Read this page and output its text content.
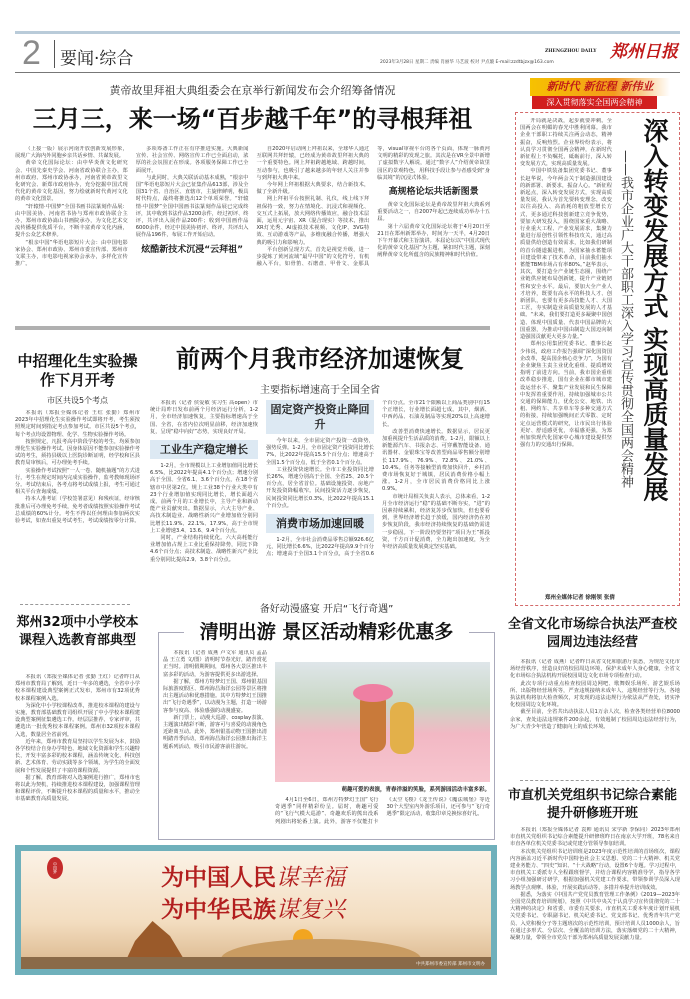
2 要闻·综合	2023年3月28日 星期二 责编 肖丽华 马艺波 校对 尹点璇 E-mail:zzdtbjzx@163.com
ZHENGZHOU DAILY 郑州日报
黄帝故里拜祖大典组委会在京举行新闻发布会介绍筹备情况
三月三，来一场“百步越千年”的寻根拜祖

（上接一版）展示河南开放创新发展形象，展现广大海内外同胞乡亲共话乡情、共谋发展。

黄帝文化国际论坛：由中华炎黄文化研究会、中国先秦史学会、河南省政协联合主办，郑州市政府、郑州市政协承办，河南省黄帝故里文化研究会、新郑市政府协办，充分挖掘中国式现代化的黄帝文化基因，努力绘就新时代黄河文化的黄帝文化图景。

“轩辕情·中国梦”全国书画书法篆刻作品展：由中国美协、河南省书协与郑州市政协联合主办，郑州市政协嵩山书画院承办，为文化艺术交流传播提供优质平台，不断丰富黄帝文化内涵，提升公众艺术修养。

“根亲中国”华语电影短片大会：由中国电影家协会、郑州市政协、郑州市委宣传部、郑州市文联主办，市电影电视家协会承办，多样化宣传推广。

多项筹备工作正在有序推进实施。大典新闻宣传、社会宣传、网络宣传工作已全面启动，浓厚的社会氛围正在形成。各项服务保障工作已全面展开。

与此同时，大典关联活动基本成熟，“根亲中国”华语电影短片大会已征集作品613部，涉及全国31个省、自治区、直辖市，主旋律鲜明，极具时代特点，最终将推选出12个单项荣誉。“轩辕情·中国梦”全国中国画书法篆刻作品展已完成终评，其中收到书法作品3200余件，经过初评、终评，共评出入展作品200件；收到中国画作品6000余件，经过中国美协初评、终评，共评出入展作品196件，布展工作开始启动。

炫酷新技术沉浸“云拜祖”

自2020年启动网上拜祖以来，全球华人通过互联网共拜轩辕，已经成为黄帝故里拜祖大典的一个重要特色。网上拜祖跨越地域、跨越时间，互动参与，也吸引了越来越多的年轻人关注并参与到拜祖大典中来。

今年网上拜祖根据大典要求，结合新技术，做了全新升级。

网上拜祖平台按照礼制、礼仪，线上线下拜祖保持一致，努力在情境化、沉浸式和视频化、交互式上拓展，放大网络传播效应，融合技术层面，运用元宇宙、XR（混合现实）等技术，推出XR灯光秀、AI虚拟技术视频、文化IP、3VG特效、互动游戏等产品，多维度融合传播，增强大典的吸引力和影响力。

平台创新呈现方式，首先是视觉升级，进一步提炼了黄河流域“最早中国”的文化符号，有机融入平台，如骨笛、石磨盘、甲骨文、金那具等，visual审视平台的各个页面，体现一脉黄河文明的精彩的发现之旅。其次是在VR全景中新增了虚拟数字人解说，通过“数字人”介绍黄帝故里园区的景观特色，用科技手段让参与者感受到“身临其境”的沉浸式体验。

高规格论坛共话新图景

黄帝文化国际论坛是黄帝故里拜祖大典系列重要活动之一，自2007年起已连续成功举办十五届。

第十六届黄帝文化国际论坛将于4月20日至21日在郑州新郑举办，时间为一天半，4月20日下午开幕式和主旨演讲。本届论坛以“中国式现代化的黄帝文化基因”为主题，紧扣时代主题，深刻阐释黄帝文化所蕴含的民族精神和时代价值。

新时代 新征程 新伟业
深入贯彻落实全国两会精神
深入转变发展方式 实现高质量发展
——我市企业广大干部职工深入学习宣传贯彻全国两会精神

开局就是决战，起步就要冲刺。全国两会在明媚的春光中胜利闭幕。我市企业干部职工持续关注两会动态，精神振奋，反响热烈。企业界纷纷表示，将认真学习贯彻全国两会精神，在新时代新征程上不负嘱托，砥砺前行，深入转变发展方式，实现高质量发展。

中国中铁装备集团党委书记、董事长赵华说，今年两会关于制造强国建设的新部署、新要求，振奋人心。“新征程新起点，深入转变发展方式，实现高质量发展，我认为首先要转变理念，改变以往高投入、高消耗的粗放型增长方式，更多通过科技创新建立竞争优势，要加大研发投入，围绕国家重大战略、行业重大工程、产业发展需求，集聚力量进行原创性引领性科技攻关，通过高质量供给创造有效需求，比如我们研制的首台隧道掘进机，为国家抽水蓄能项目建设带来了技术革命，目前我们抽水蓄能TBM市场占有率80%。”赵华表示，其次，要打造全产业链生态圈，围绕产业链供应链布局创新链，提升产业链韧性和安全水平。最后，要加大全产业人才培养，既要有高水平的科技人才、创新团队，也要有更多高技能人才、大国工匠，夯实制造业高质量发展的人才基础。“未来，我们要打造更多凝聚中国创造、体现中国质量、代表中国品牌的大国重器，为推动中国由制造大国迈向制造强国贡献更大更多力量。”

郑州公用集团党委书记、董事长赵少伟说，政府工作报告强调“深化国资国企改革，提高国企核心竞争力”，为国有企业聚焦主责主业优化重组、提质增效指明了前进方向。当前，我市国企重组改革稳步推进，国有企业在都市城市建设运营水平、聚集产业发展和民生保障中发挥着重要作用，持续加强城市公共交通的保障能力，优化公交、地铁、出租、网约车、共享单车等多种交通方式的衔接，持续加强晚间正式零散、定时定点运营模式的研究，让市民出行体验更好、舒适感更优，幸福感更强，为郑州加快现代化国家中心城市建设提供坚强有力的交通出行保障。

郑州全媒体记者 徐刚领 张倩
中招理化生实验操作下月开考
市区共设5个考点

本报讯（郑报全媒体记者 王红 张勤）郑州市2023年中招理化生实验操作考试即将开考，考生须按照规定时间到指定考点参加考试。市区共设5个考点，每个考点均设置物理、化学、生物实验操作考场。

按照规定，凡报考高中阶段学校的考生，均须参加理化生实验操作考试。因身体原因不能参加实验操作考试的考生，须持县级以上医院诊断证明，经学校和区县教育局审核后，可办理免考手续。

实验操作考试按照“一人一卷、随机抽题”的方式进行，考生在规定时间内完成实验操作，监考教师现场评分。考试结束后，各考点将考试成绩上报，考生可通过相关平台查询成绩。

持本人准考证（学校签署意见）和残疾证，经审核批准后可办理免考手续，免考者成绩按照实验操作考试总成绩的60%计分。考生不得以任何理由参加两次实验考试，如查出重复考试考生，考试成绩按零分计算。

郑州32项中小学校本课程入选教育部典型

本报讯（郑报全媒体记者 张勤 王红）记者昨日从郑州市教育局了解到，近日一年多的遴选，全省中小学校本课程建设典型案例正式发布，郑州市有32项优秀校本课程案例入选。

为深化中小学校课程改革，推进校本课程的建设与实施，教育部基础教育司组织开展了中小学校本课程建设典型案例征集遴选工作。经层层推荐、专家评审，共遴选出一批优秀校本课程案例。郑州市32项校本课程入选，数量居全省前列。

近年来，郑州市教育局坚持以学生发展为本，鼓励各学校结合自身办学特色、地域文化资源和学生兴趣特长，开发丰富多彩的校本课程，涵盖传统文化、科技创新、艺术体育、劳动实践等多个领域，为学生的全面发展和个性发展提供了丰富的课程资源。

据了解，教育部将对入选案例进行推广，郑州市也将以此为契机，持续推进校本课程建设，加强课程管理和课程评价，不断提升校本课程的质量和水平，推动全市基础教育高质量发展。

前两个月我市经济加速恢复
主要指标增速高于全国全省

本报讯（记者 侯爱敏 实习生 高open）市统计局昨日发布前两个月经济运行分析，1-2月，全市经济加速恢复，主要指标增速高于全国、全省，在省内位次明显前移，经济加速恢复，呈现“稳中向好”态势，实现良好开局。

工业生产稳定增长

1-2月，全市规模以上工业增加值同比增长6.5%，比2022年提高4.1个百分点；增速分别高于全国、全省6.1、3.6个百分点，在18个省辖市中居第2位。规上工业38个行业大类中有23个行业增加值实现同比增长，增长面超六成。前两个月的工业增长中，主导产业和新动能产业贡献突出。数据显示，六大主导产业、高技术制造业、战略性新兴产业增加值分别同比增长11.9%、22.1%、17.9%，高于全市规上工业增速3.4、13.6、9.4个百分点。

同时，产业结构持续优化。六大高耗能行业增加值占规上工业比重保持降势，同比下降4.6个百分点；高技术制造、战略性新兴产业比重分别同比提高2.9、3.8个百分点。

固定资产投资止降回升

今年以来，全市固定资产投资一改降势，强势反弹。1-2月，全市固定资产投资同比增长7%，比2022年提高15.5个百分点；增速高于全国1.5个百分点，低于全省0.1个百分点。

工业投资快速增长。全市工业投资同比增长26%，增速分别高于全国、全省25、20.5个百分点，居全省首位。基础设施投资、房地产开发投资降幅收窄。民间投资活力逐步恢复，民间投资同比增长0.3%，比2022年提高15.1个百分点。

消费市场加速回暖

1-2月，全市社会消费品零售总额926.6亿元，同比增长6.6%，比2022年提高9.9个百分点；增速高于全国3.1个百分点，高于全省0.6个百分点。全市21个限额以上商品类别中有15个正增长，行业增长面超七成。其中，烟酒、中西药品、石油及制品等实现20%以上高速增长。

改善型消费快速增长。数据显示，居民更加重视提升生活品质的消费。1-2月，限额以上新能源汽车、书报杂志、可穿戴智能设备、通讯器材、金银珠宝等改善型商品零售额分别增长117.9%、76.9%、72.8%、21.0%、10.4%。任务等接触型消费加快回升，乡村消费市场恢复好于城镇，居民消费价格小幅上涨。1-2月，全市居民消费价格同比上涨0.9%。

市统计局相关负责人表示，总体来看，1-2月全市经济运行“稳”的基础不断夯实，“进”的因素持续累积，经济复苏步伐加快，但也要看到，世界经济增长趋于放缓，国内经济仍在初步恢复阶段，我市经济持续恢复的基础仍需进一步稳固。下一阶段仍要坚持“项目为王”抓投资，千方百计促消费，全力跑出加速度，为全年经济高质量发展奠定坚实基础。

备好动漫盛宴 开启“飞行奇遇”
清明出游 景区活动精彩优惠多

本报讯（记者 成燕 卢文军 通讯员 孟晶晶 王立勇 文/图）清明时节春光好，踏青赏花正当时。清明假期期间，郑州各大景区推出丰富多彩的活动，为游客提供更多出游选择。

据了解，郑州方特梦幻王国、郑州银基国际旅游度假区、郑州海昌海洋公园等景区将推出主题活动和优惠措施。其中方特梦幻王国推出“飞行奇遇季”，以动漫为主题，打造一场游客参与度高、体验感强的动漫盛宴。

新门票上，动漫大巡游、cosplay表演、主题演出精彩不断，游客可与喜爱的动漫角色近距离互动。此外，郑州银基动物王国推出清明踏青季活动，郑州海昌海洋公园推出海洋主题系列活动，吸引市民游客前往游玩。

萌趣可爱的表演，青春洋溢的笑脸，系列游园活动丰富多彩。

4月1日至6日，郑州方特梦幻王国“飞行奇遇季”同样精彩纷呈。届时，萌趣可爱的“飞行气模大巡游”、奇趣欢乐的熊出没系列剧出将轮番上演。此外，游客不仅能打卡《太空飞梭》《龙王传说》《魔法城堡》等近30个大型室内外游乐项目，还可参与“飞行奇遇季”限定活动，收集印章兑换惊喜好礼。

中国梦	为中国人民谋幸福
为中华民族谋复兴
中共郑州市委宣传部 郑州市文明办
全省文化市场综合执法严查校园周边违法经营

本报讯（记者 成燕）记者昨日从省文化和旅游厅获悉，为规范文化市场经营秩序，营造良好的校园周边环境，保护未成年人身心健康，全省文化市场综合执法机构开展校园周边文化市场专项检查行动。

此次专项行动重点检查校园周边网吧、歌舞娱乐场所、游艺娱乐场所、出版物经营场所等，严查违规接纳未成年人、违规经营等行为。各地执法机构将加大检查频次，对发现的违法违规行为依法从严查处，切实净化校园周边文化环境。

截至目前，全省共出动执法人员1万余人次，检查各类经营单位8000余家，查处违法违规案件200余起，有效遏制了校园周边违法经营行为，为广大青少年营造了健康向上的成长环境。

市直机关党组织书记综合素能提升研修班开班

本报讯（郑报全媒体记者 袁帅 通讯员 宋学新 李保同）2023年郑州市直机关党组织书记综合素能提升研修班昨日在南京大学开班，78名来自市直各单位机关党委书记或党建分管领导参加培训。

本次机关党组织书记培训班是2023年度示范性培训的首场班次，课程内容涵盖习近平新时代中国特色社会主义思想、党的二十大精神、机关党建业务能力、“四史”知识、“十大战略”行动，设置6个专题。学习过程中，市直机关工委派专人全程跟班督学，并结合课程内容精准导学，指导各学习小组加强研讨研学，根据加强机关党建工作要求，带领参训学员深入现场教学点观摩、体验，开展实践活动等，多措并举提升培训成效。

据悉，为落实《中国共产党党员教育管理工作条例》《2019—2023年全国党员教育培训规划》，按照《中共中央关于认真学习宣传贯彻党的二十大精神的决定》和省委、市委有关要求，市直机关工委本年度计划开展机关党委书记、专职副书记、机关纪委书记、党支部书记、优秀青年共产党员、入党积极分子等主题班次的示范性培训，预计培训人员1000余人，旨在通过多形式、分层次、全覆盖的培训方法，落实落细党的二十大精神，凝聚力量，带领全市党员干部为郑州高质量发展贡献力量。
